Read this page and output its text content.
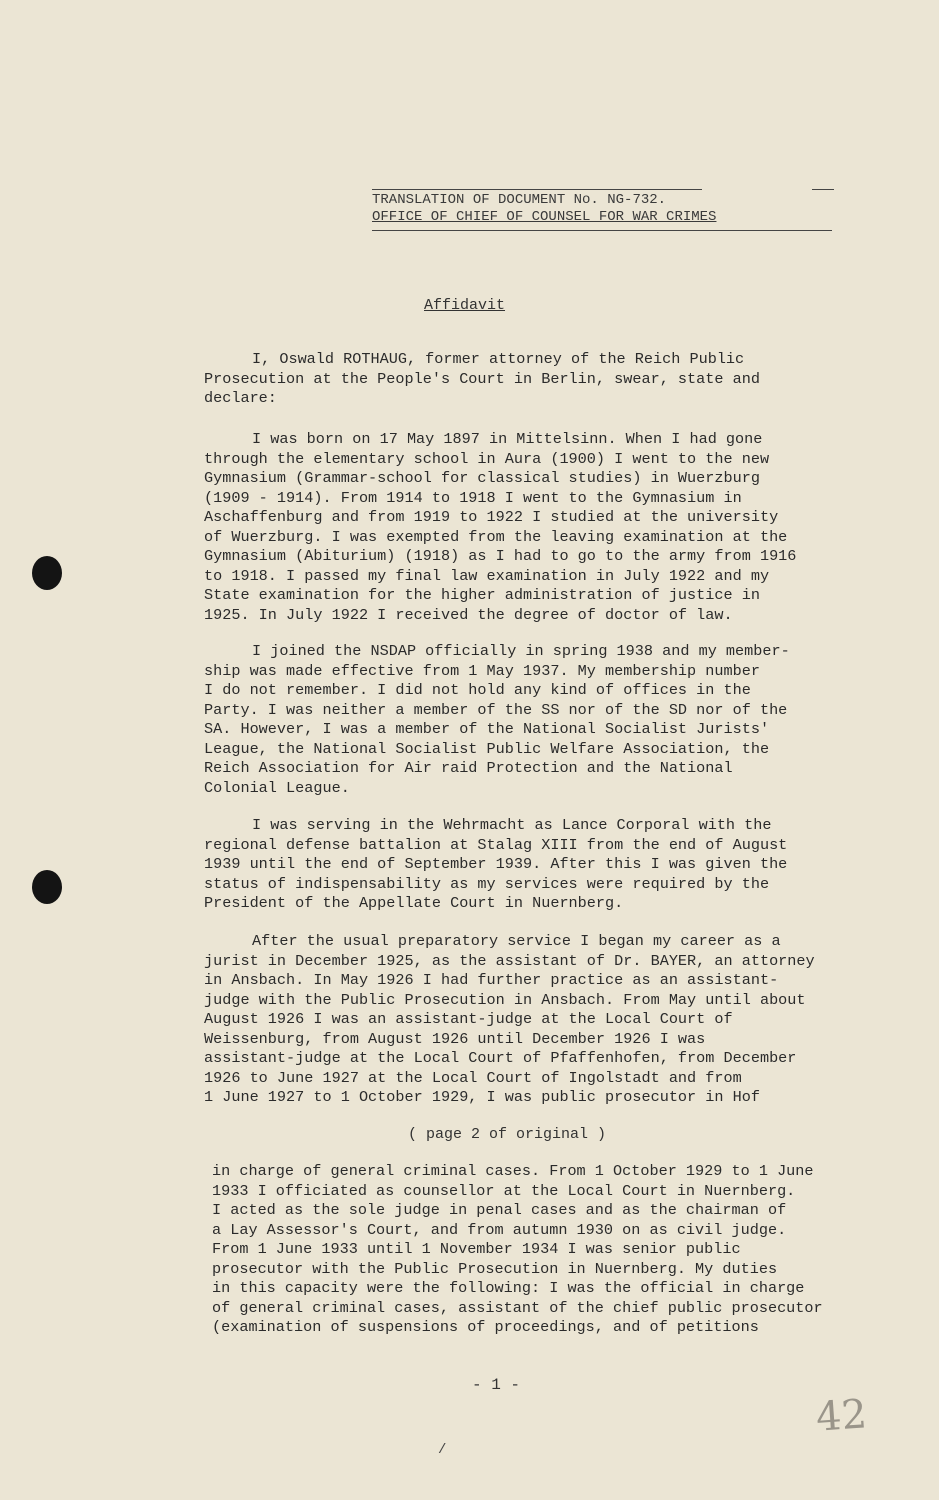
TRANSLATION OF DOCUMENT No. NG-732.
OFFICE OF CHIEF OF COUNSEL FOR WAR CRIMES
Affidavit

I, Oswald ROTHAUG, former attorney of the Reich Public
Prosecution at the People's Court in Berlin, swear, state and
declare:

I was born on 17 May 1897 in Mittelsinn. When I had gone
through the elementary school in Aura (1900) I went to the new
Gymnasium (Grammar-school for classical studies) in Wuerzburg
(1909 - 1914). From 1914 to 1918 I went to the Gymnasium in
Aschaffenburg and from 1919 to 1922 I studied at the university
of Wuerzburg. I was exempted from the leaving examination at the
Gymnasium (Abiturium) (1918) as I had to go to the army from 1916
to 1918. I passed my final law examination in July 1922 and my
State examination for the higher administration of justice in
1925. In July 1922 I received the degree of doctor of law.

I joined the NSDAP officially in spring 1938 and my member-
ship was made effective from 1 May 1937. My membership number
I do not remember. I did not hold any kind of offices in the
Party. I was neither a member of the SS nor of the SD nor of the
SA. However, I was a member of the National Socialist Jurists'
League, the National Socialist Public Welfare Association, the
Reich Association for Air raid Protection and the National
Colonial League.

I was serving in the Wehrmacht as Lance Corporal with the
regional defense battalion at Stalag XIII from the end of August
1939 until the end of September 1939. After this I was given the
status of indispensability as my services were required by the
President of the Appellate Court in Nuernberg.

After the usual preparatory service I began my career as a
jurist in December 1925, as the assistant of Dr. BAYER, an attorney
in Ansbach. In May 1926 I had further practice as an assistant-
judge with the Public Prosecution in Ansbach. From May until about
August 1926 I was an assistant-judge at the Local Court of
Weissenburg, from August 1926 until December 1926 I was
assistant-judge at the Local Court of Pfaffenhofen, from December
1926 to June 1927 at the Local Court of Ingolstadt and from
1 June 1927 to 1 October 1929, I was public prosecutor in Hof

( page 2 of original )

in charge of general criminal cases. From 1 October 1929 to 1 June
1933 I officiated as counsellor at the Local Court in Nuernberg.
I acted as the sole judge in penal cases and as the chairman of
a Lay Assessor's Court, and from autumn 1930 on as civil judge.
From 1 June 1933 until 1 November 1934 I was senior public
prosecutor with the Public Prosecution in Nuernberg. My duties
in this capacity were the following: I was the official in charge
of general criminal cases, assistant of the chief public prosecutor
(examination of suspensions of proceedings, and of petitions

- 1 -
42
/
